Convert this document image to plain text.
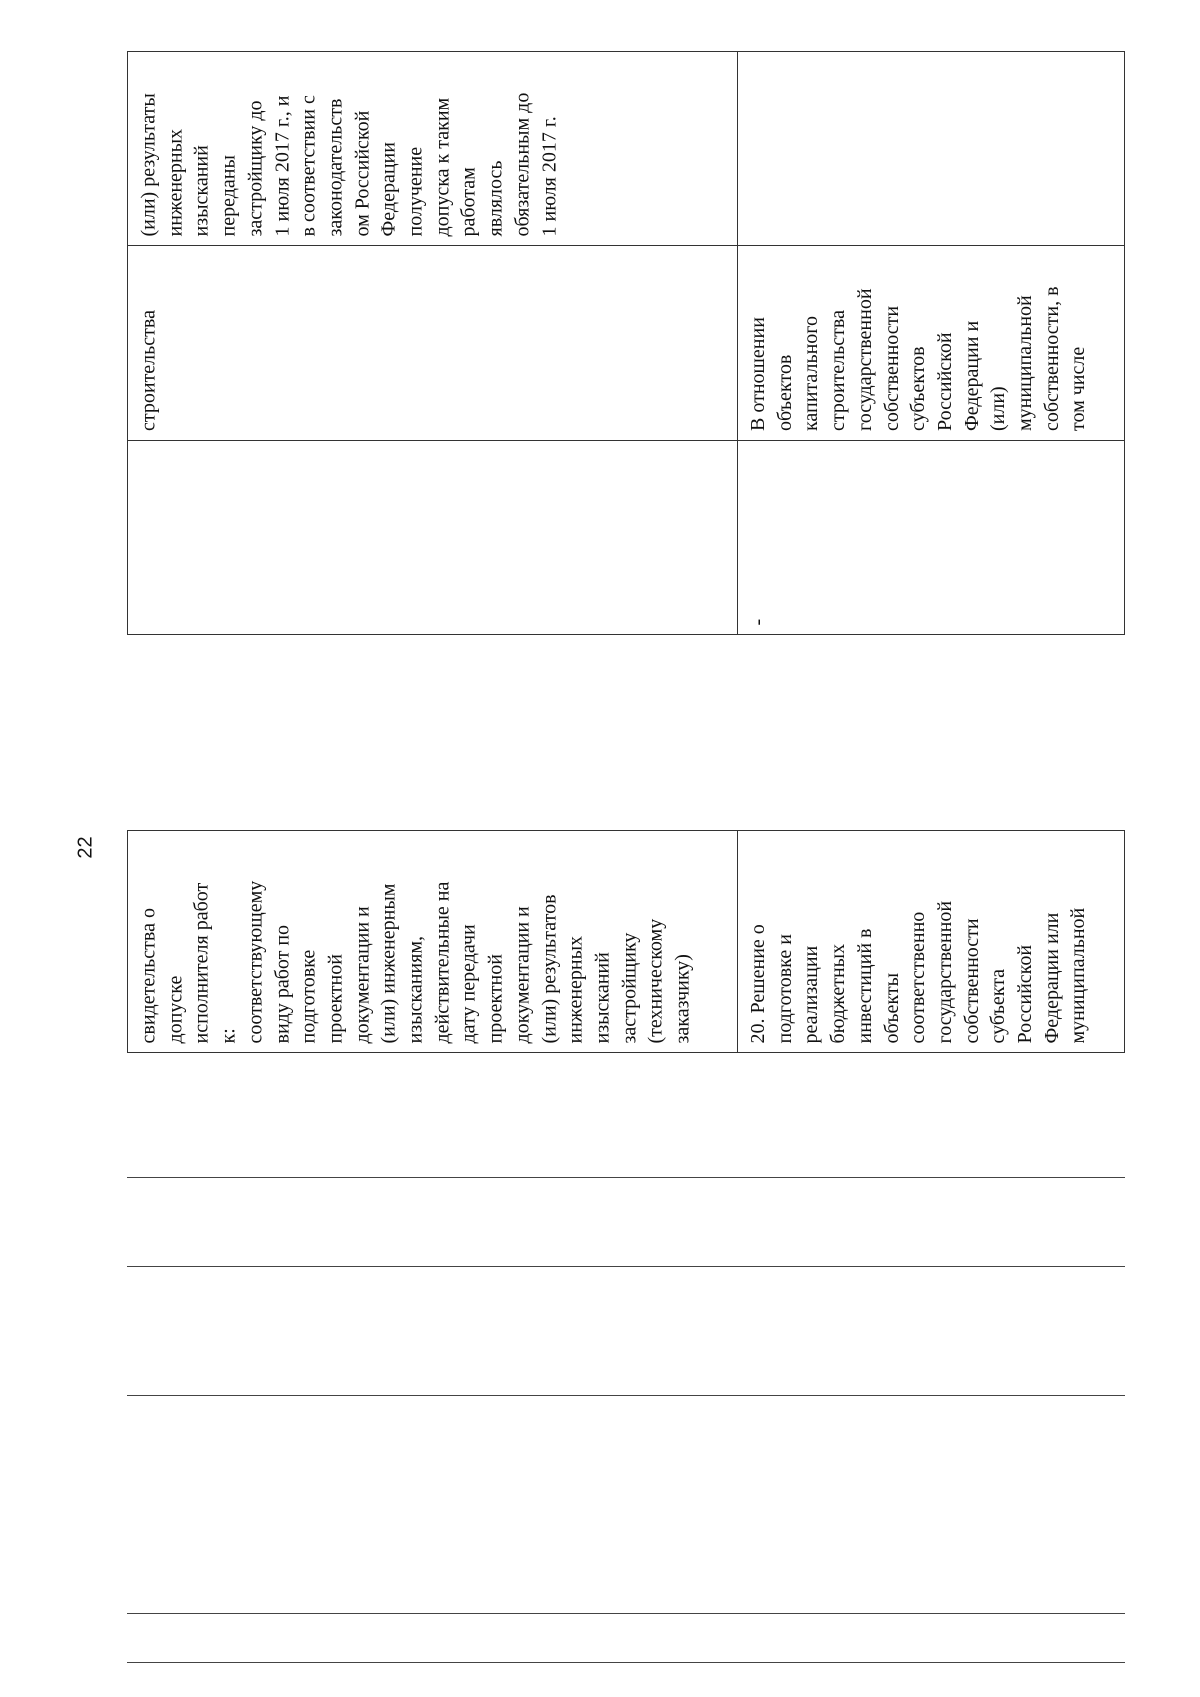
22
строительства
(или) результаты
инженерных
изысканий
переданы
застройщику до
1 июля 2017 г., и
в соответствии с
законодательств
ом Российской
Федерации
получение
допуска к таким
работам
являлось
обязательным до
1 июля 2017 г.
-
В отношении
объектов
капитального
строительства
государственной
собственности
субъектов
Российской
Федерации и
(или)
муниципальной
собственности, в
том числе
свидетельства о
допуске
исполнителя работ
к:
соответствующему
виду работ по
подготовке
проектной
документации и
(или) инженерным
изысканиям,
действительные на
дату передачи
проектной
документации и
(или) результатов
инженерных
изысканий
застройщику
(техническому
заказчику)	20. Решение о
подготовке и
реализации
бюджетных
инвестиций в
объекты
соответственно
государственной
собственности
субъекта
Российской
Федерации или
муниципальной
